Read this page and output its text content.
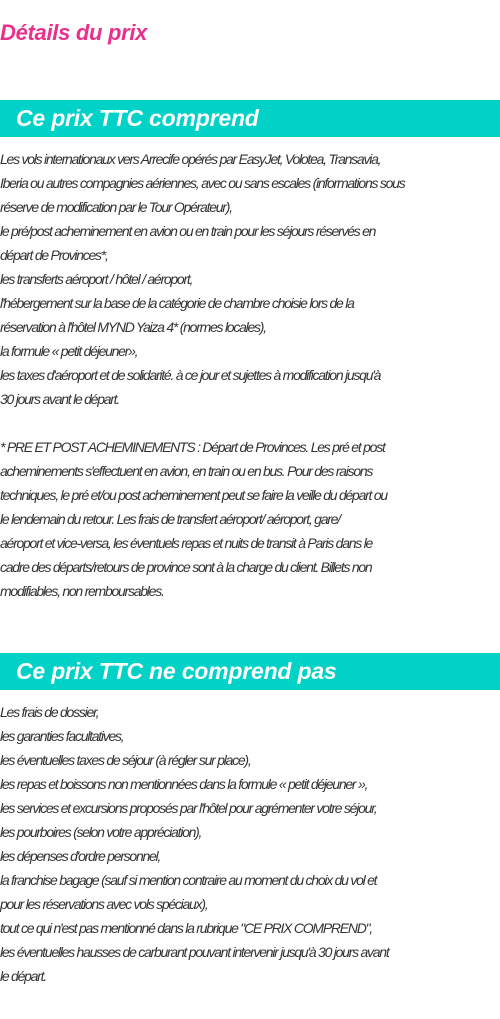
Détails du prix
Ce prix TTC comprend
Les vols internationaux vers Arrecife opérés par EasyJet, Volotea, Transavia,
Iberia ou autres compagnies aériennes, avec ou sans escales (informations sous
réserve de modification par le Tour Opérateur),
le pré/post acheminement en avion ou en train pour les séjours réservés en
départ de Provinces*,
les transferts aéroport / hôtel / aéroport,
l'hébergement sur la base de la catégorie de chambre choisie lors de la
réservation à l'hôtel MYND Yaiza 4* (normes locales),
la formule « petit déjeuner»,
les taxes d'aéroport et de solidarité. à ce jour et sujettes à modification jusqu'à
30 jours avant le départ.
* PRE ET POST ACHEMINEMENTS : Départ de Provinces. Les pré et post
acheminements s'effectuent en avion, en train ou en bus. Pour des raisons
techniques, le pré et/ou post acheminement peut se faire la veille du départ ou
le lendemain du retour. Les frais de transfert aéroport/ aéroport, gare/
aéroport et vice-versa, les éventuels repas et nuits de transit à Paris dans le
cadre des départs/retours de province sont à la charge du client. Billets non
modifiables, non remboursables.
Ce prix TTC ne comprend pas
Les frais de dossier,
les garanties facultatives,
les éventuelles taxes de séjour (à régler sur place),
les repas et boissons non mentionnées dans la formule « petit déjeuner »,
les services et excursions proposés par l'hôtel pour agrémenter votre séjour,
les pourboires (selon votre appréciation),
les dépenses d'ordre personnel,
la franchise bagage (sauf si mention contraire au moment du choix du vol et
pour les réservations avec vols spéciaux),
tout ce qui n'est pas mentionné dans la rubrique "CE PRIX COMPREND",
les éventuelles hausses de carburant pouvant intervenir jusqu'à 30 jours avant
le départ.
